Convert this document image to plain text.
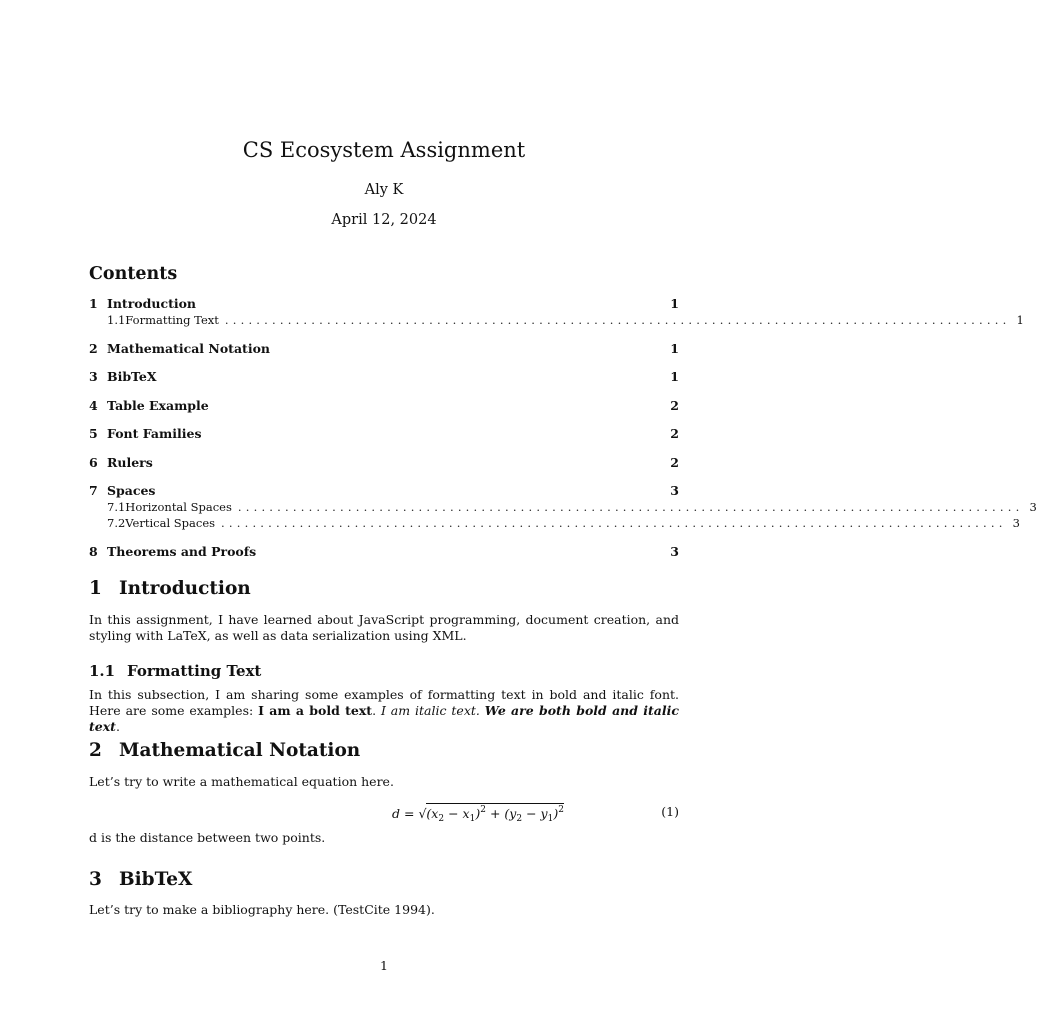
CS Ecosystem Assignment
Aly K
April 12, 2024
Contents
1 Introduction	1
1.1 Formatting Text .................................................................................................... 1
2 Mathematical Notation	1
3 BibTeX	1
4 Table Example	2
5 Font Families	2
6 Rulers	2
7 Spaces	3
7.1 Horizontal Spaces .................................................................................................... 3
7.2 Vertical Spaces .................................................................................................... 3
8 Theorems and Proofs	3
1 Introduction
In this assignment, I have learned about JavaScript programming, document creation, and styling with LaTeX, as well as data serialization using XML.
1.1 Formatting Text
In this subsection, I am sharing some examples of formatting text in bold and italic font. Here are some examples: I am a bold text. I am italic text. We are both bold and italic text.
2 Mathematical Notation
Let’s try to write a mathematical equation here.
$d = √(x_2 - x_1)^2 + (y_2 - y_1)^2$	(1)
d is the distance between two points.
3 BibTeX
Let’s try to make a bibliography here. (TestCite 1994).
1
